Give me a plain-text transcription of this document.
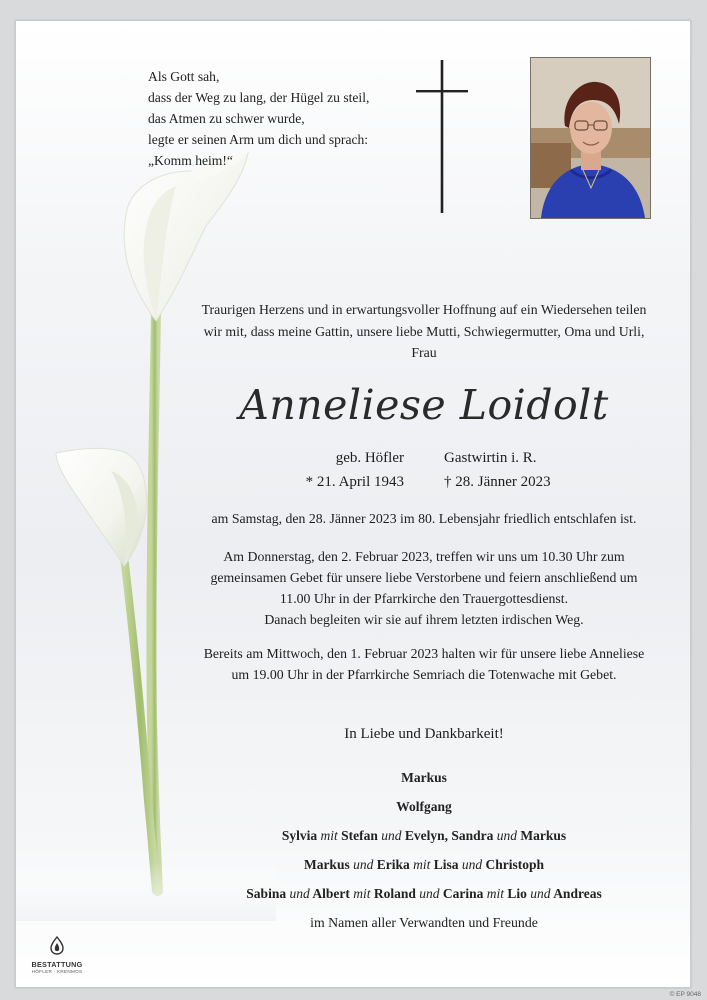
Als Gott sah,
dass der Weg zu lang, der Hügel zu steil,
das Atmen zu schwer wurde,
legte er seinen Arm um dich und sprach:
„Komm heim!“
Traurigen Herzens und in erwartungsvoller Hoffnung auf ein Wiedersehen teilen
wir mit, dass meine Gattin, unsere liebe Mutti, Schwiegermutter, Oma und Urli,
Frau
Anneliese Loidolt
geb. Höfler	Gastwirtin i. R.
* 21. April 1943	† 28. Jänner 2023
am Samstag, den 28. Jänner 2023 im 80. Lebensjahr friedlich entschlafen ist.
Am Donnerstag, den 2. Februar 2023, treffen wir uns um 10.30 Uhr zum
gemeinsamen Gebet für unsere liebe Verstorbene und feiern anschließend um
11.00 Uhr in der Pfarrkirche den Trauergottesdienst.
Danach begleiten wir sie auf ihrem letzten irdischen Weg.
Bereits am Mittwoch, den 1. Februar 2023 halten wir für unsere liebe Anneliese
um 19.00 Uhr in der Pfarrkirche Semriach die Totenwache mit Gebet.
In Liebe und Dankbarkeit!
Markus
Wolfgang
Sylvia mit Stefan und Evelyn, Sandra und Markus
Markus und Erika mit Lisa und Christoph
Sabina und Albert mit Roland und Carina mit Lio und Andreas
im Namen aller Verwandten und Freunde
BESTATTUNG
HÖFLER · KRENMOS
© EP 9048
